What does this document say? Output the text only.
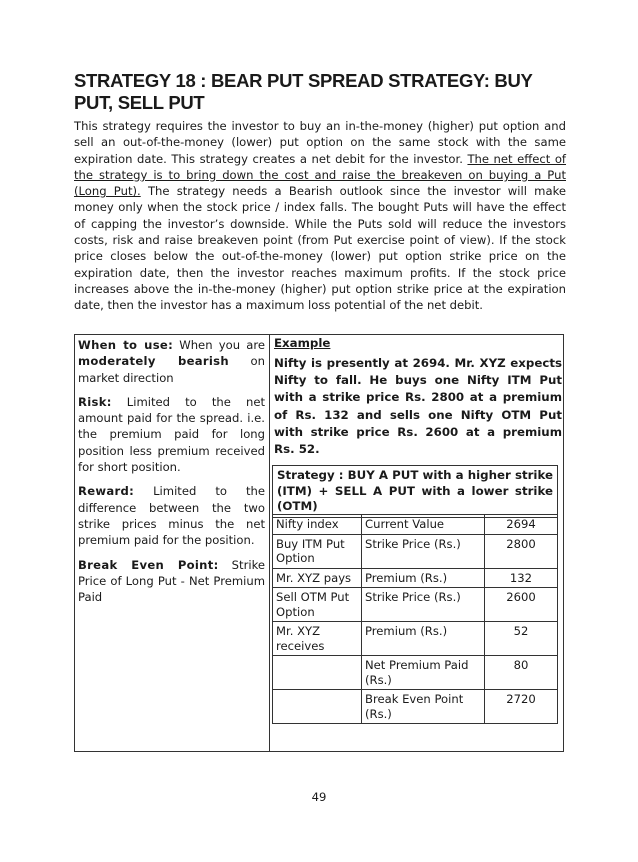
STRATEGY 18 : BEAR PUT SPREAD STRATEGY: BUY PUT, SELL PUT
This strategy requires the investor to buy an in-the-money (higher) put option and sell an out-of-the-money (lower) put option on the same stock with the same expiration date. This strategy creates a net debit for the investor. The net effect of the strategy is to bring down the cost and raise the breakeven on buying a Put (Long Put). The strategy needs a Bearish outlook since the investor will make money only when the stock price / index falls. The bought Puts will have the effect of capping the investor’s downside. While the Puts sold will reduce the investors costs, risk and raise breakeven point (from Put exercise point of view). If the stock price closes below the out-of-the-money (lower) put option strike price on the expiration date, then the investor reaches maximum profits. If the stock price increases above the in-the-money (higher) put option strike price at the expiration date, then the investor has a maximum loss potential of the net debit.

When to use: When you are moderately bearish on market direction

Risk: Limited to the net amount paid for the spread. i.e. the premium paid for long position less premium received for short position.

Reward: Limited to the difference between the two strike prices minus the net premium paid for the position.

Break Even Point: Strike Price of Long Put - Net Premium Paid

Example
Nifty is presently at 2694. Mr. XYZ expects Nifty to fall. He buys one Nifty ITM Put with a strike price Rs. 2800 at a premium of Rs. 132 and sells one Nifty OTM Put with strike price Rs. 2600 at a premium Rs. 52.
Strategy : BUY A PUT with a higher strike (ITM) + SELL A PUT with a lower strike (OTM)
Nifty index	Current Value	2694
Buy ITM Put Option	Strike Price (Rs.)	2800
Mr. XYZ pays	Premium (Rs.)	132
Sell OTM Put Option	Strike Price (Rs.)	2600
Mr. XYZ receives	Premium (Rs.)	52
	Net Premium Paid (Rs.)	80
	Break Even Point (Rs.)	2720
49
